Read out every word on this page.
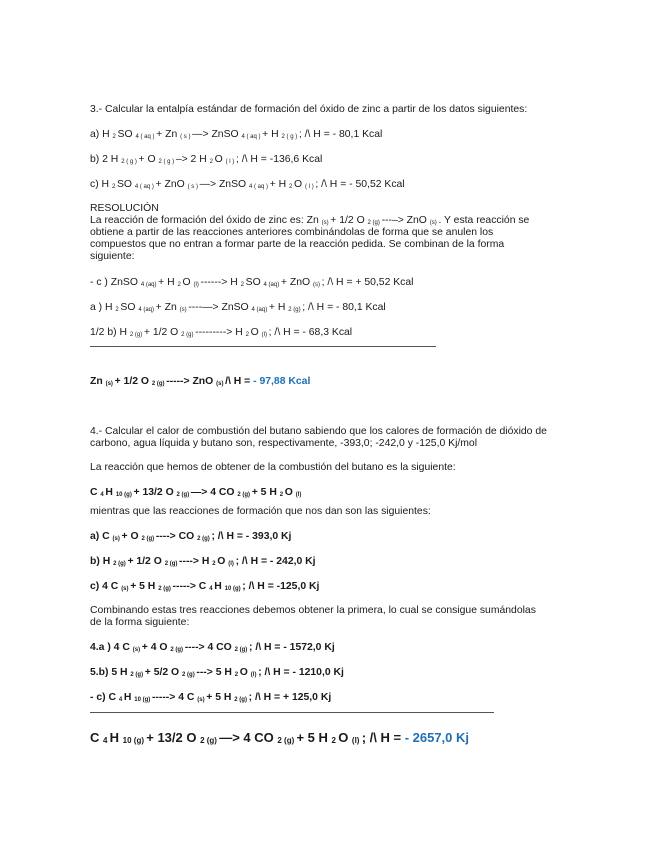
3.- Calcular la entalpía estándar de formación del óxido de zinc a partir de los datos siguientes:
a) H 2 SO 4 ( aq ) + Zn ( s ) —> ZnSO 4 ( aq ) + H 2 ( g ) ; /\ H = - 80,1 Kcal
b) 2 H 2 ( g ) + O 2 ( g ) –> 2 H 2 O ( l ) ; /\ H = -136,6 Kcal
c) H 2 SO 4 ( aq ) + ZnO ( s ) —> ZnSO 4 ( aq ) + H 2 O ( l ) ; /\ H = - 50,52 Kcal
RESOLUCIÓN
La reacción de formación del óxido de zinc es: Zn (s) + 1/2 O 2 (g) ---–> ZnO (s) . Y esta reacción se
obtiene a partir de las reacciones anteriores combinándolas de forma que se anulen los
compuestos que no entran a formar parte de la reacción pedida. Se combinan de la forma
siguiente:
- c ) ZnSO 4 (aq) + H 2 O (l) ------> H 2 SO 4 (aq) + ZnO (s) ; /\ H = + 50,52 Kcal
a ) H 2 SO 4 (aq) + Zn (s) ----—> ZnSO 4 (aq) + H 2 (g) ; /\ H = - 80,1 Kcal
1/2 b) H 2 (g) + 1/2 O 2 (g) ---------> H 2 O (l) ; /\ H = - 68,3 Kcal
Zn (s) + 1/2 O 2 (g) -----> ZnO (s) /\ H = - 97,88 Kcal
4.- Calcular el calor de combustión del butano sabiendo que los calores de formación de dióxido de
carbono, agua líquida y butano son, respectivamente, -393,0; -242,0 y -125,0 Kj/mol
La reacción que hemos de obtener de la combustión del butano es la siguiente:
C 4 H 10 (g) + 13/2 O 2 (g) —> 4 CO 2 (g) + 5 H 2 O (l)
mientras que las reacciones de formación que nos dan son las siguientes:
a) C (s) + O 2 (g) ----> CO 2 (g) ; /\ H = - 393,0 Kj
b) H 2 (g) + 1/2 O 2 (g) ----> H 2 O (l) ; /\ H = - 242,0 Kj
c) 4 C (s) + 5 H 2 (g) -----> C 4 H 10 (g) ; /\ H = -125,0 Kj
Combinando estas tres reacciones debemos obtener la primera, lo cual se consigue sumándolas
de la forma siguiente:
4.a ) 4 C (s) + 4 O 2 (g) ----> 4 CO 2 (g) ; /\ H = - 1572,0 Kj
5.b) 5 H 2 (g) + 5/2 O 2 (g) ---> 5 H 2 O (l) ; /\ H = - 1210,0 Kj
- c) C 4 H 10 (g) -----> 4 C (s) + 5 H 2 (g) ; /\ H = + 125,0 Kj
C 4 H 10 (g) + 13/2 O 2 (g) —> 4 CO 2 (g) + 5 H 2 O (l) ; /\ H = - 2657,0 Kj
